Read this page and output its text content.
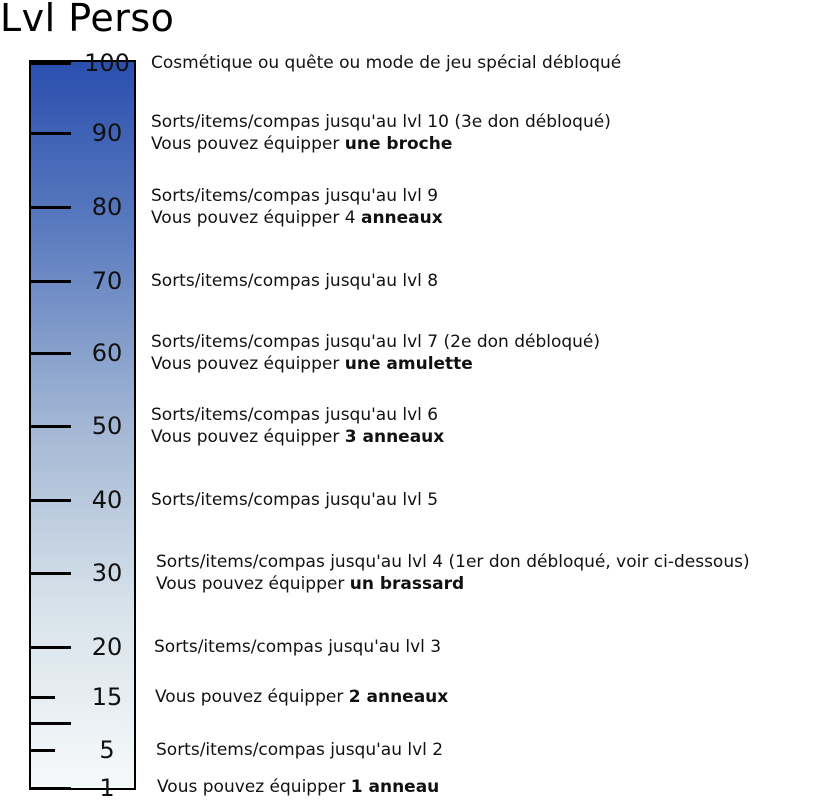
Lvl Perso
100 Cosmétique ou quête ou mode de jeu spécial débloqué
90	Sorts/items/compas jusqu'au lvl 10 (3e don débloqué)
Vous pouvez équipper une broche
80	Sorts/items/compas jusqu'au lvl 9
Vous pouvez équipper 4 anneaux
70	Sorts/items/compas jusqu'au lvl 8
60	Sorts/items/compas jusqu'au lvl 7 (2e don débloqué)
Vous pouvez équipper une amulette
50	Sorts/items/compas jusqu'au lvl 6
Vous pouvez équipper 3 anneaux
40	Sorts/items/compas jusqu'au lvl 5
30	Sorts/items/compas jusqu'au lvl 4 (1er don débloqué, voir ci-dessous)
Vous pouvez équipper un brassard
20	Sorts/items/compas jusqu'au lvl 3
15	Vous pouvez équipper 2 anneaux
5	Sorts/items/compas jusqu'au lvl 2
1	Vous pouvez équipper 1 anneau
